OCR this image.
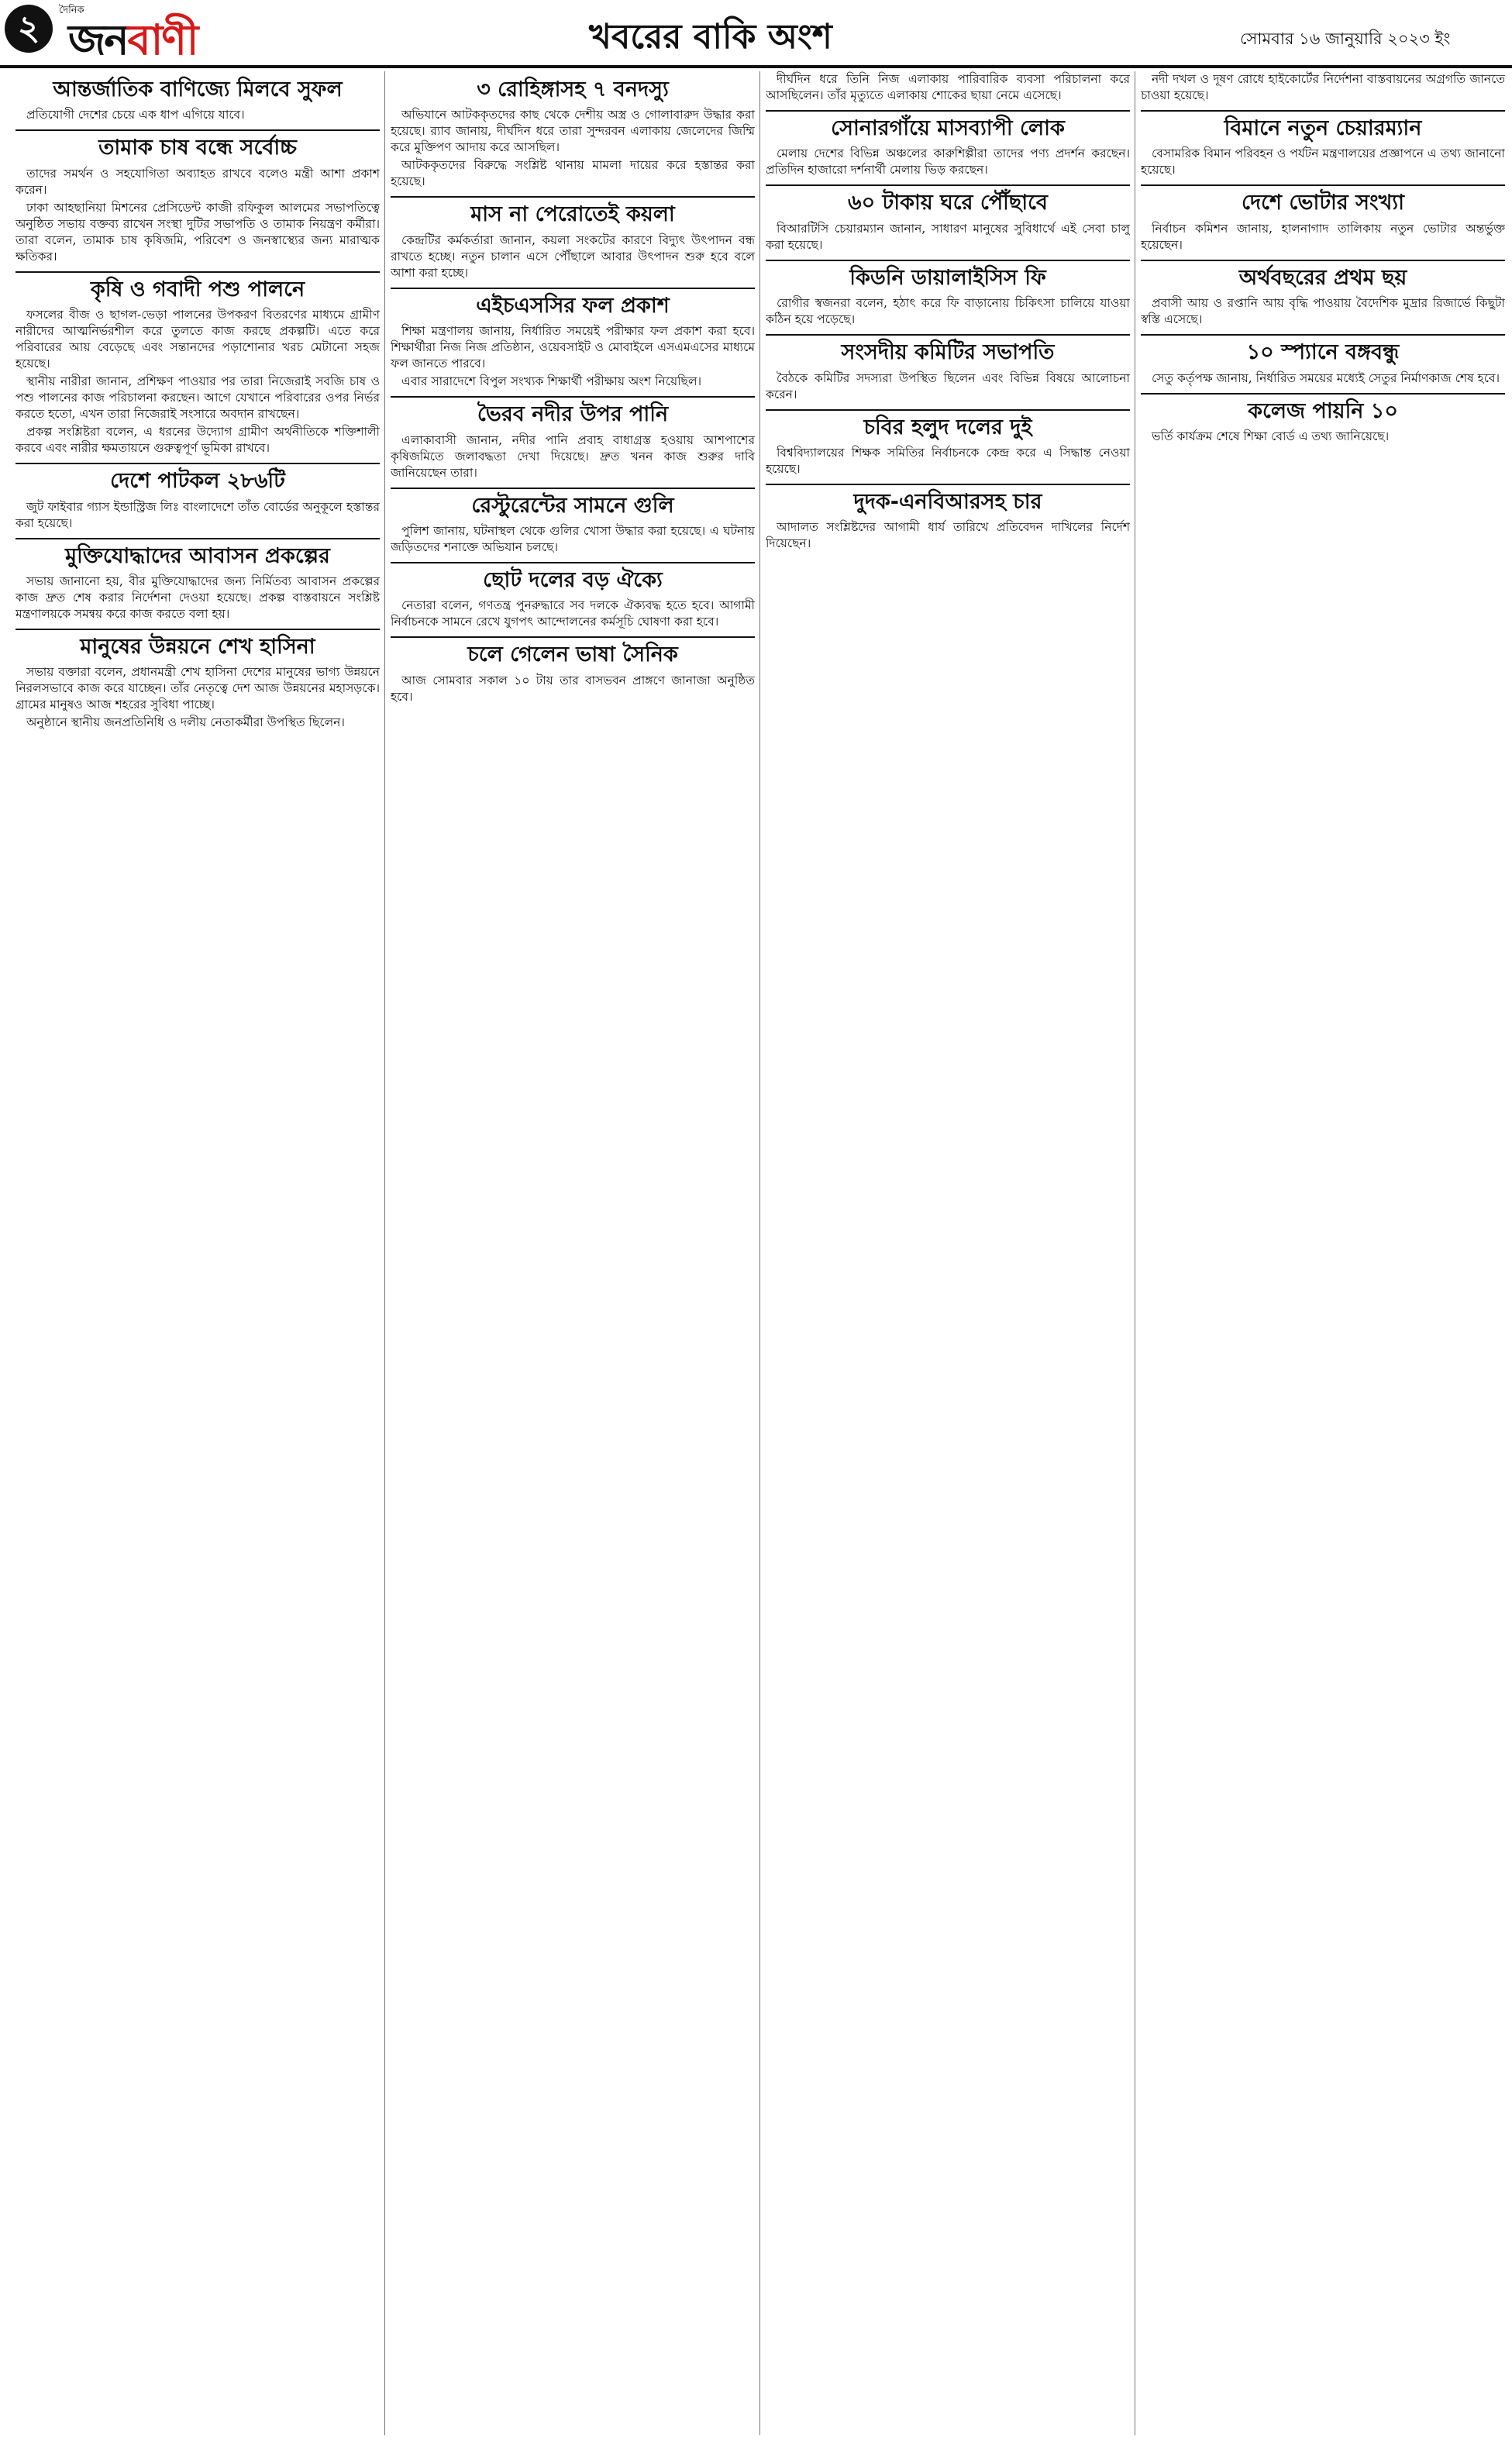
২	দৈনিক
জনবাণী	খবরের বাকি অংশ	সোমবার ১৬ জানুয়ারি ২০২৩ ইং
আন্তর্জাতিক বাণিজ্যে মিলবে সুফল

প্রতিযোগী দেশের চেয়ে এক ধাপ এগিয়ে যাবে।

তামাক চাষ বন্ধে সর্বোচ্চ

তাদের সমর্থন ও সহযোগিতা অব্যাহত রাখবে বলেও মন্ত্রী আশা প্রকাশ করেন।

ঢাকা আহছানিয়া মিশনের প্রেসিডেন্ট কাজী রফিকুল আলমের সভাপতিত্বে অনুষ্ঠিত সভায় বক্তব্য রাখেন সংস্থা দুটির সভাপতি ও তামাক নিয়ন্ত্রণ কর্মীরা। তারা বলেন, তামাক চাষ কৃষিজমি, পরিবেশ ও জনস্বাস্থ্যের জন্য মারাত্মক ক্ষতিকর।

কৃষি ও গবাদী পশু পালনে

ফসলের বীজ ও ছাগল-ভেড়া পালনের উপকরণ বিতরণের মাধ্যমে গ্রামীণ নারীদের আত্মনির্ভরশীল করে তুলতে কাজ করছে প্রকল্পটি। এতে করে পরিবারের আয় বেড়েছে এবং সন্তানদের পড়াশোনার খরচ মেটানো সহজ হয়েছে।

স্থানীয় নারীরা জানান, প্রশিক্ষণ পাওয়ার পর তারা নিজেরাই সবজি চাষ ও পশু পালনের কাজ পরিচালনা করছেন। আগে যেখানে পরিবারের ওপর নির্ভর করতে হতো, এখন তারা নিজেরাই সংসারে অবদান রাখছেন।

প্রকল্প সংশ্লিষ্টরা বলেন, এ ধরনের উদ্যোগ গ্রামীণ অর্থনীতিকে শক্তিশালী করবে এবং নারীর ক্ষমতায়নে গুরুত্বপূর্ণ ভূমিকা রাখবে।

দেশে পাটকল ২৮৬টি

জুট ফাইবার গ্যাস ইন্ডাস্ট্রিজ লিঃ বাংলাদেশে তাঁত বোর্ডের অনুকূলে হস্তান্তর করা হয়েছে।

মুক্তিযোদ্ধাদের আবাসন প্রকল্পের

সভায় জানানো হয়, বীর মুক্তিযোদ্ধাদের জন্য নির্মিতব্য আবাসন প্রকল্পের কাজ দ্রুত শেষ করার নির্দেশনা দেওয়া হয়েছে। প্রকল্প বাস্তবায়নে সংশ্লিষ্ট মন্ত্রণালয়কে সমন্বয় করে কাজ করতে বলা হয়।

মানুষের উন্নয়নে শেখ হাসিনা

সভায় বক্তারা বলেন, প্রধানমন্ত্রী শেখ হাসিনা দেশের মানুষের ভাগ্য উন্নয়নে নিরলসভাবে কাজ করে যাচ্ছেন। তাঁর নেতৃত্বে দেশ আজ উন্নয়নের মহাসড়কে। গ্রামের মানুষও আজ শহরের সুবিধা পাচ্ছে।

অনুষ্ঠানে স্থানীয় জনপ্রতিনিধি ও দলীয় নেতাকর্মীরা উপস্থিত ছিলেন।

৩ রোহিঙ্গাসহ ৭ বনদস্যু

অভিযানে আটককৃতদের কাছ থেকে দেশীয় অস্ত্র ও গোলাবারুদ উদ্ধার করা হয়েছে। র‍্যাব জানায়, দীর্ঘদিন ধরে তারা সুন্দরবন এলাকায় জেলেদের জিম্মি করে মুক্তিপণ আদায় করে আসছিল।

আটককৃতদের বিরুদ্ধে সংশ্লিষ্ট থানায় মামলা দায়ের করে হস্তান্তর করা হয়েছে।

মাস না পেরোতেই কয়লা

কেন্দ্রটির কর্মকর্তারা জানান, কয়লা সংকটের কারণে বিদ্যুৎ উৎপাদন বন্ধ রাখতে হচ্ছে। নতুন চালান এসে পৌঁছালে আবার উৎপাদন শুরু হবে বলে আশা করা হচ্ছে।

এইচএসসির ফল প্রকাশ

শিক্ষা মন্ত্রণালয় জানায়, নির্ধারিত সময়েই পরীক্ষার ফল প্রকাশ করা হবে। শিক্ষার্থীরা নিজ নিজ প্রতিষ্ঠান, ওয়েবসাইট ও মোবাইলে এসএমএসের মাধ্যমে ফল জানতে পারবে।

এবার সারাদেশে বিপুল সংখ্যক শিক্ষার্থী পরীক্ষায় অংশ নিয়েছিল।

ভৈরব নদীর উপর পানি

এলাকাবাসী জানান, নদীর পানি প্রবাহ বাধাগ্রস্ত হওয়ায় আশপাশের কৃষিজমিতে জলাবদ্ধতা দেখা দিয়েছে। দ্রুত খনন কাজ শুরুর দাবি জানিয়েছেন তারা।

রেস্টুরেন্টের সামনে গুলি

পুলিশ জানায়, ঘটনাস্থল থেকে গুলির খোসা উদ্ধার করা হয়েছে। এ ঘটনায় জড়িতদের শনাক্তে অভিযান চলছে।

ছোট দলের বড় ঐক্যে

নেতারা বলেন, গণতন্ত্র পুনরুদ্ধারে সব দলকে ঐক্যবদ্ধ হতে হবে। আগামী নির্বাচনকে সামনে রেখে যুগপৎ আন্দোলনের কর্মসূচি ঘোষণা করা হবে।

চলে গেলেন ভাষা সৈনিক

আজ সোমবার সকাল ১০ টায় তার বাসভবন প্রাঙ্গণে জানাজা অনুষ্ঠিত হবে।

দীর্ঘদিন ধরে তিনি নিজ এলাকায় পারিবারিক ব্যবসা পরিচালনা করে আসছিলেন। তাঁর মৃত্যুতে এলাকায় শোকের ছায়া নেমে এসেছে।

সোনারগাঁয়ে মাসব্যাপী লোক

মেলায় দেশের বিভিন্ন অঞ্চলের কারুশিল্পীরা তাদের পণ্য প্রদর্শন করছেন। প্রতিদিন হাজারো দর্শনার্থী মেলায় ভিড় করছেন।

৬০ টাকায় ঘরে পৌঁছাবে

বিআরটিসি চেয়ারম্যান জানান, সাধারণ মানুষের সুবিধার্থে এই সেবা চালু করা হয়েছে।

কিডনি ডায়ালাইসিস ফি

রোগীর স্বজনরা বলেন, হঠাৎ করে ফি বাড়ানোয় চিকিৎসা চালিয়ে যাওয়া কঠিন হয়ে পড়েছে।

সংসদীয় কমিটির সভাপতি

বৈঠকে কমিটির সদস্যরা উপস্থিত ছিলেন এবং বিভিন্ন বিষয়ে আলোচনা করেন।

চবির হলুদ দলের দুই

বিশ্ববিদ্যালয়ের শিক্ষক সমিতির নির্বাচনকে কেন্দ্র করে এ সিদ্ধান্ত নেওয়া হয়েছে।

দুদক-এনবিআরসহ চার

আদালত সংশ্লিষ্টদের আগামী ধার্য তারিখে প্রতিবেদন দাখিলের নির্দেশ দিয়েছেন।

নদী দখল ও দূষণ রোধে হাইকোর্টের নির্দেশনা বাস্তবায়নের অগ্রগতি জানতে চাওয়া হয়েছে।

বিমানে নতুন চেয়ারম্যান

বেসামরিক বিমান পরিবহন ও পর্যটন মন্ত্রণালয়ের প্রজ্ঞাপনে এ তথ্য জানানো হয়েছে।

দেশে ভোটার সংখ্যা

নির্বাচন কমিশন জানায়, হালনাগাদ তালিকায় নতুন ভোটার অন্তর্ভুক্ত হয়েছেন।

অর্থবছরের প্রথম ছয়

প্রবাসী আয় ও রপ্তানি আয় বৃদ্ধি পাওয়ায় বৈদেশিক মুদ্রার রিজার্ভে কিছুটা স্বস্তি এসেছে।

১০ স্প্যানে বঙ্গবন্ধু

সেতু কর্তৃপক্ষ জানায়, নির্ধারিত সময়ের মধ্যেই সেতুর নির্মাণকাজ শেষ হবে।

কলেজ পায়নি ১০

ভর্তি কার্যক্রম শেষে শিক্ষা বোর্ড এ তথ্য জানিয়েছে।
